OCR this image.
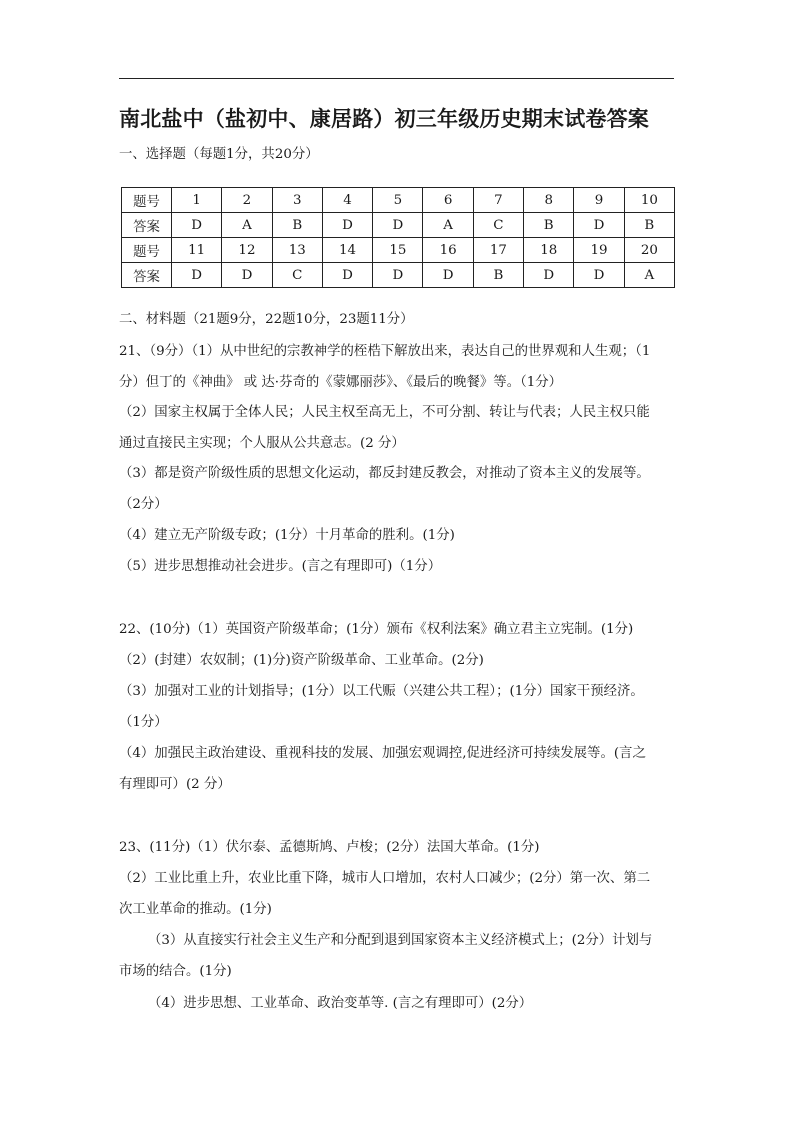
南北盐中（盐初中、康居路）初三年级历史期末试卷答案
一、选择题（每题1分，共20分）
题号	1	2	3	4	5	6	7	8	9	10
答案	D	A	B	D	D	A	C	B	D	B
题号	11	12	13	14	15	16	17	18	19	20
答案	D	D	C	D	D	D	B	D	D	A
二、材料题（21题9分，22题10分，23题11分）
21、（9分）（1）从中世纪的宗教神学的桎梏下解放出来，表达自己的世界观和人生观；（1
分）但丁的《神曲》 或 达·芬奇的《蒙娜丽莎》、《最后的晚餐》等。（1分）
（2）国家主权属于全体人民；人民主权至高无上，不可分割、转让与代表；人民主权只能
通过直接民主实现；个人服从公共意志。(2 分）
（3）都是资产阶级性质的思想文化运动，都反封建反教会，对推动了资本主义的发展等。
（2分）
（4）建立无产阶级专政；(1分）十月革命的胜利。(1分)
（5）进步思想推动社会进步。(言之有理即可)（1分）
22、(10分)（1）英国资产阶级革命；(1分）颁布《权利法案》确立君主立宪制。(1分)
（2）(封建）农奴制；(1)分)资产阶级革命、工业革命。(2分)
（3）加强对工业的计划指导；(1分）以工代赈（兴建公共工程）；(1分）国家干预经济。
（1分）
（4）加强民主政治建设、重视科技的发展、加强宏观调控,促进经济可持续发展等。(言之
有理即可）(2 分）
23、(11分)（1）伏尔泰、孟德斯鸠、卢梭；(2分）法国大革命。(1分)
（2）工业比重上升，农业比重下降，城市人口增加，农村人口减少；(2分）第一次、第二
次工业革命的推动。(1分)
（3）从直接实行社会主义生产和分配到退到国家资本主义经济模式上；(2分）计划与
市场的结合。(1分)
（4）进步思想、工业革命、政治变革等. (言之有理即可）(2分）
